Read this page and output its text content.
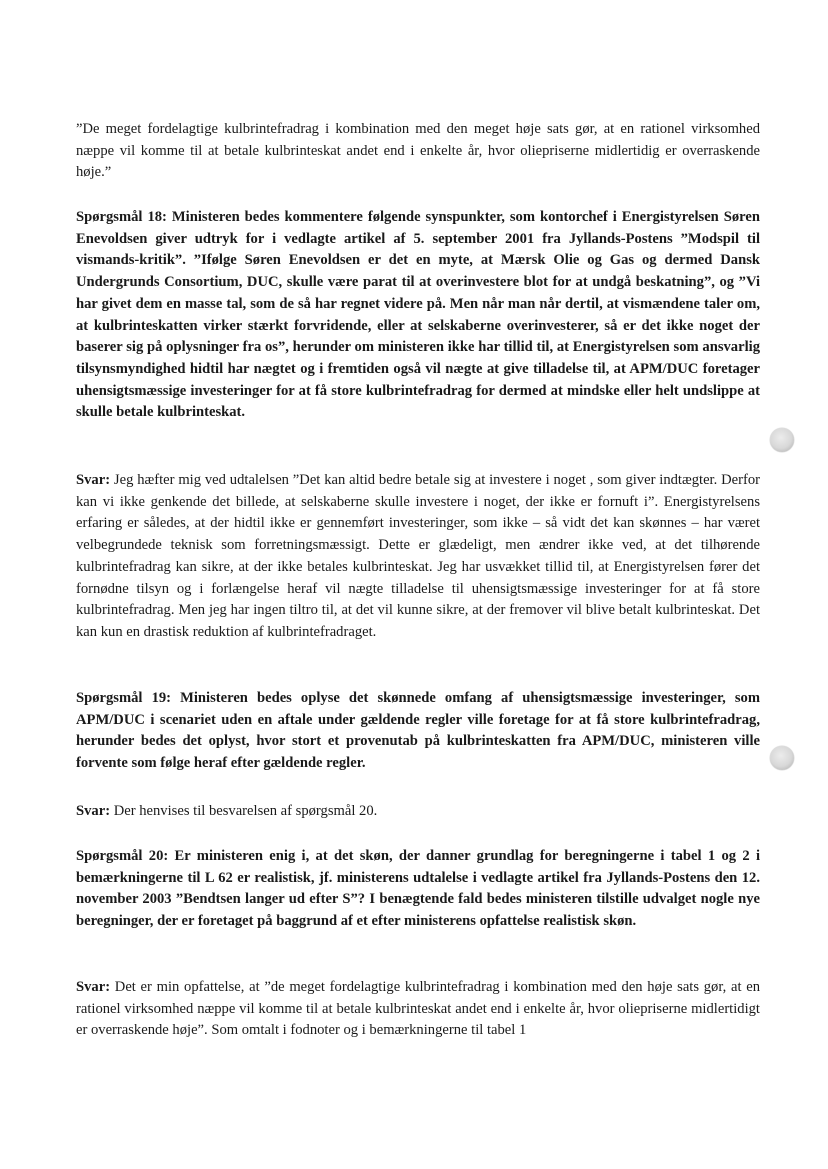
”De meget fordelagtige kulbrintefradrag i kombination med den meget høje sats gør, at en rationel virksomhed næppe vil komme til at betale kulbrinteskat andet end i enkelte år, hvor oliepriserne midlertidig er overraskende høje.”

Spørgsmål 18: Ministeren bedes kommentere følgende synspunkter, som kontorchef i Energistyrelsen Søren Enevoldsen giver udtryk for i vedlagte artikel af 5. september 2001 fra Jyllands-Postens ”Modspil til vismands-kritik”. ”Ifølge Søren Enevoldsen er det en myte, at Mærsk Olie og Gas og dermed Dansk Undergrunds Consortium, DUC, skulle være parat til at overinvestere blot for at undgå beskatning”, og ”Vi har givet dem en masse tal, som de så har regnet videre på. Men når man når dertil, at vismændene taler om, at kulbrinteskatten virker stærkt forvridende, eller at selskaberne overinvesterer, så er det ikke noget der baserer sig på oplysninger fra os”, herunder om ministeren ikke har tillid til, at Energistyrelsen som ansvarlig tilsynsmyndighed hidtil har nægtet og i fremtiden også vil nægte at give tilladelse til, at APM/DUC foretager uhensigtsmæssige investeringer for at få store kulbrintefradrag for dermed at mindske eller helt undslippe at skulle betale kulbrinteskat.

Svar: Jeg hæfter mig ved udtalelsen ”Det kan altid bedre betale sig at investere i noget , som giver indtægter. Derfor kan vi ikke genkende det billede, at selskaberne skulle investere i noget, der ikke er fornuft i”. Energistyrelsens erfaring er således, at der hidtil ikke er gennemført investeringer, som ikke – så vidt det kan skønnes – har været velbegrundede teknisk som forretningsmæssigt. Dette er glædeligt, men ændrer ikke ved, at det tilhørende kulbrintefradrag kan sikre, at der ikke betales kulbrinteskat. Jeg har usvækket tillid til, at Energistyrelsen fører det fornødne tilsyn og i forlængelse heraf vil nægte tilladelse til uhensigtsmæssige investeringer for at få store kulbrintefradrag. Men jeg har ingen tiltro til, at det vil kunne sikre, at der fremover vil blive betalt kulbrinteskat. Det kan kun en drastisk reduktion af kulbrintefradraget.

Spørgsmål 19: Ministeren bedes oplyse det skønnede omfang af uhensigtsmæssige investeringer, som APM/DUC i scenariet uden en aftale under gældende regler ville foretage for at få store kulbrintefradrag, herunder bedes det oplyst, hvor stort et provenutab på kulbrinteskatten fra APM/DUC, ministeren ville forvente som følge heraf efter gældende regler.

Svar: Der henvises til besvarelsen af spørgsmål 20.

Spørgsmål 20: Er ministeren enig i, at det skøn, der danner grundlag for beregningerne i tabel 1 og 2 i bemærkningerne til L 62 er realistisk, jf. ministerens udtalelse i vedlagte artikel fra Jyllands-Postens den 12. november 2003 ”Bendtsen langer ud efter S”? I benægtende fald bedes ministeren tilstille udvalget nogle nye beregninger, der er foretaget på baggrund af et efter ministerens opfattelse realistisk skøn.

Svar: Det er min opfattelse, at ”de meget fordelagtige kulbrintefradrag i kombination med den høje sats gør, at en rationel virksomhed næppe vil komme til at betale kulbrinteskat andet end i enkelte år, hvor oliepriserne midlertidigt er overraskende høje”. Som omtalt i fodnoter og i bemærkningerne til tabel 1
